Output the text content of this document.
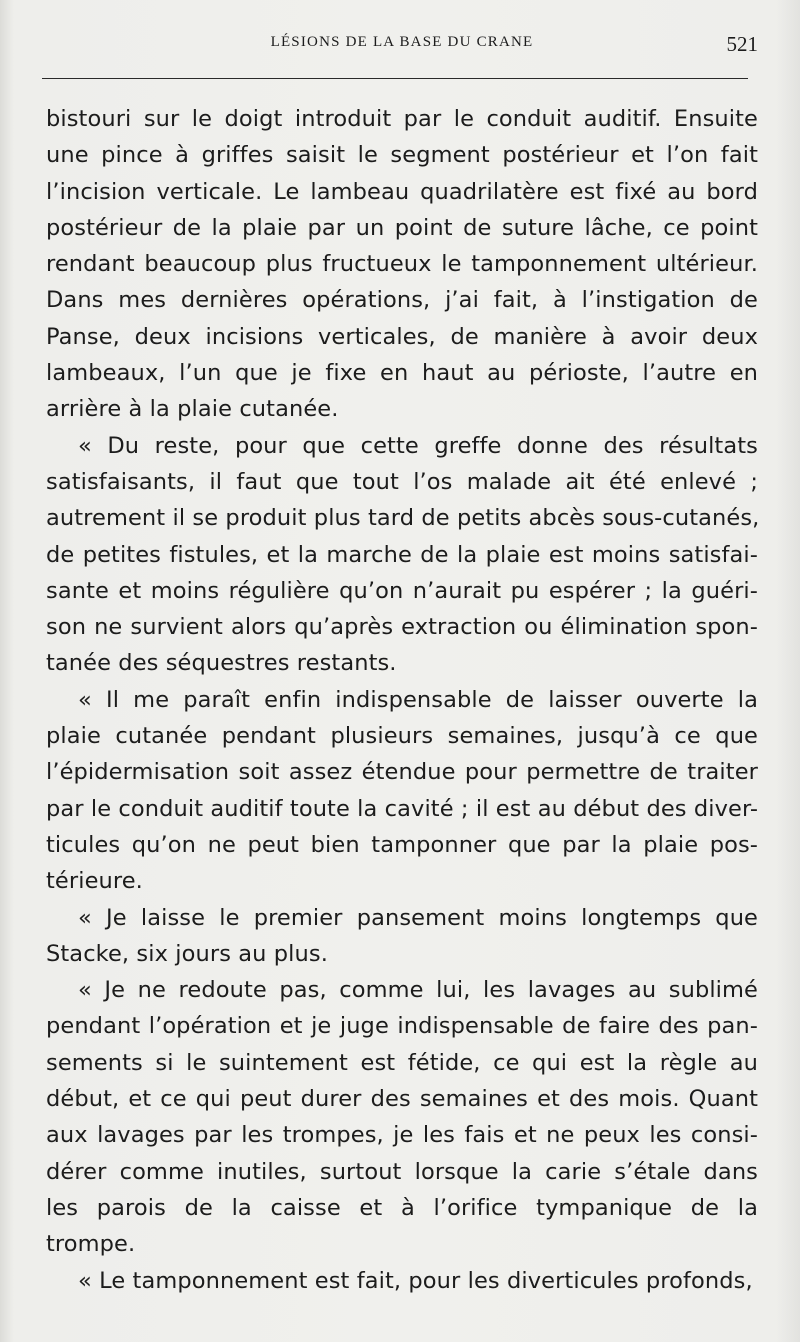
LÉSIONS DE LA BASE DU CRANE	521

bistouri sur le doigt introduit par le conduit auditif. Ensuite
une pince à griffes saisit le segment postérieur et l’on fait
l’incision verticale. Le lambeau quadrilatère est fixé au bord
postérieur de la plaie par un point de suture lâche, ce point
rendant beaucoup plus fructueux le tamponnement ultérieur.
Dans mes dernières opérations, j’ai fait, à l’instigation de
Panse, deux incisions verticales, de manière à avoir deux
lambeaux, l’un que je fixe en haut au périoste, l’autre en
arrière à la plaie cutanée.

« Du reste, pour que cette greffe donne des résultats
satisfaisants, il faut que tout l’os malade ait été enlevé ;
autrement il se produit plus tard de petits abcès sous-cutanés,
de petites fistules, et la marche de la plaie est moins satisfai-
sante et moins régulière qu’on n’aurait pu espérer ; la guéri-
son ne survient alors qu’après extraction ou élimination spon-
tanée des séquestres restants.

« Il me paraît enfin indispensable de laisser ouverte la
plaie cutanée pendant plusieurs semaines, jusqu’à ce que
l’épidermisation soit assez étendue pour permettre de traiter
par le conduit auditif toute la cavité ; il est au début des diver-
ticules qu’on ne peut bien tamponner que par la plaie pos-
térieure.

« Je laisse le premier pansement moins longtemps que
Stacke, six jours au plus.

« Je ne redoute pas, comme lui, les lavages au sublimé
pendant l’opération et je juge indispensable de faire des pan-
sements si le suintement est fétide, ce qui est la règle au
début, et ce qui peut durer des semaines et des mois. Quant
aux lavages par les trompes, je les fais et ne peux les consi-
dérer comme inutiles, surtout lorsque la carie s’étale dans
les parois de la caisse et à l’orifice tympanique de la
trompe.

« Le tamponnement est fait, pour les diverticules profonds,
